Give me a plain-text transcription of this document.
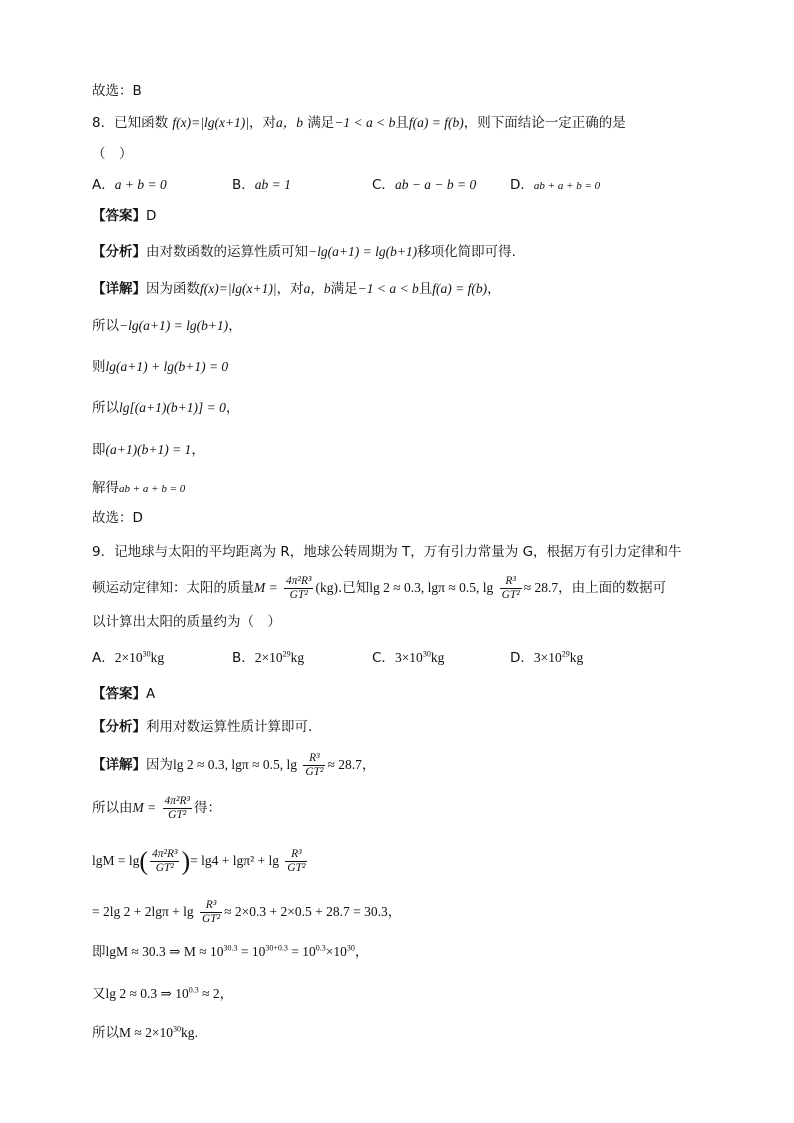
故选：B
8．已知函数 f(x)=|lg(x+1)|，对a，b 满足−1 < a < b且f(a) = f(b)，则下面结论一定正确的是
（　）
A．a + b = 0	B．ab = 1	C．ab − a − b = 0 D．ab + a + b = 0
【答案】D
【分析】由对数函数的运算性质可知−lg(a+1) = lg(b+1)移项化简即可得.
【详解】因为函数f(x)=|lg(x+1)|，对a，b满足−1 < a < b且f(a) = f(b)，
所以−lg(a+1) = lg(b+1)，
则lg(a+1) + lg(b+1) = 0
所以lg[(a+1)(b+1)] = 0，
即(a+1)(b+1) = 1，
解得ab + a + b = 0
故选：D
9．记地球与太阳的平均距离为 R，地球公转周期为 T，万有引力常量为 G，根据万有引力定律和牛
顿运动定律知：太阳的质量$M = \frac{\text{4π²R³}}{\text{GT²}} (kg)$.已知lg 2 ≈ 0.3, lgπ ≈ 0.5, $\lg \frac{\text{R³}}{\text{GT²}} \approx 28.7$，由上面的数据可
以计算出太阳的质量约为（　）
A．$2\times 10^{30}kg$	B．$2\times 10^{29}kg$	C．$3\times 10^{30}kg$	D．$3\times 10^{29}kg$
【答案】A
【分析】利用对数运算性质计算即可.
【详解】因为lg 2 ≈ 0.3, lgπ ≈ 0.5, $\lg \frac{\text{R³}}{\text{GT²}} \approx 28.7$，
所以由$M = \frac{\text{4π²R³}}{\text{GT²}}$ 得：
$\lg M = \lg( \frac{\text{4π²R³}}{\text{GT²}}$ )= $\lg 4 + \lg\pi^2 + \lg \frac{\text{R³}}{\text{GT²}}$
= 2lg $2 + 2\lg\pi + \lg \frac{\text{R³}}{\text{GT²}} \approx 2\times 0.3 + 2\times 0.5 + 28.7 = 30.3$，
即lgM ≈ 30.3 ⇒ $M \approx 10^{30.3} = 10^{30+0.3} = 10^{0.3}\times 10^{30}$，
又lg 2 ≈ 0.3 ⇒ $10^{0.3} \approx 2$，
所以$M \approx 2\times 10^{30}kg$.
